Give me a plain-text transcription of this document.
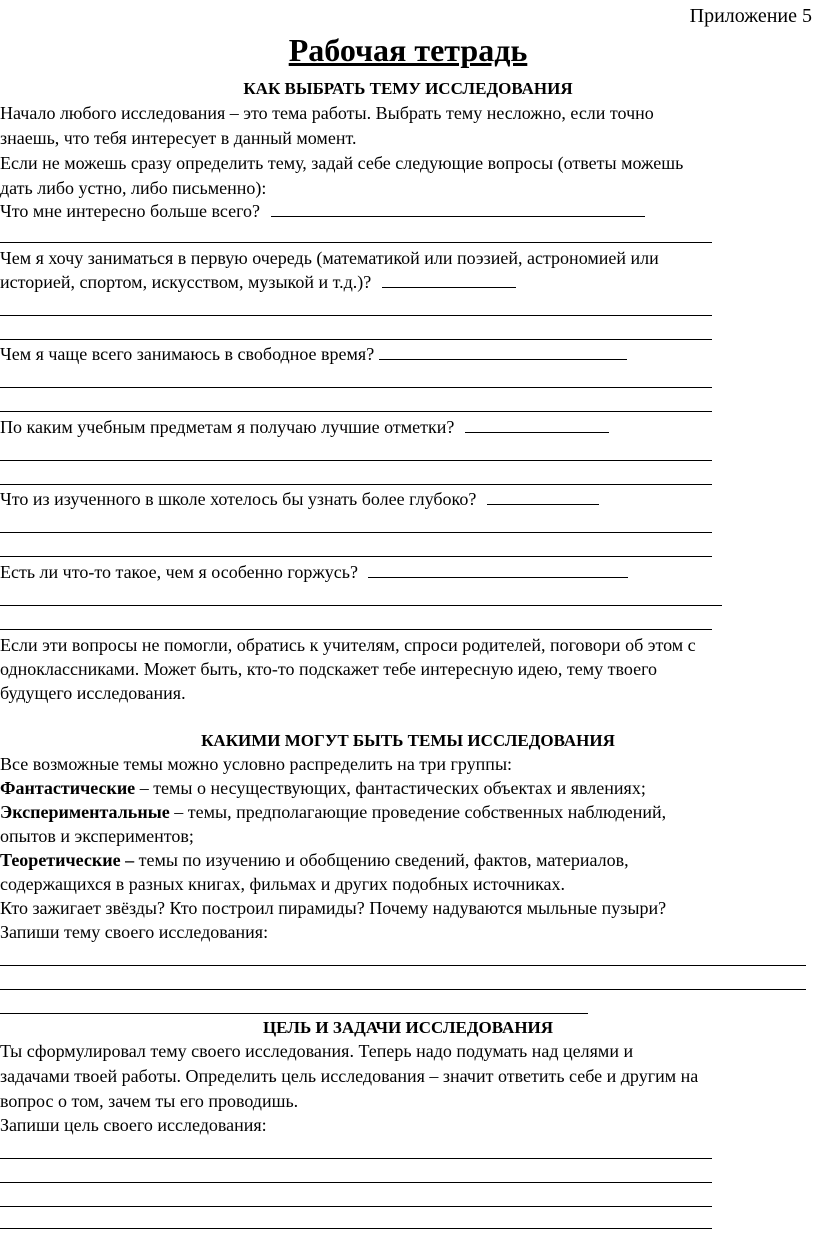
Приложение 5
Рабочая тетрадь
КАК ВЫБРАТЬ ТЕМУ ИССЛЕДОВАНИЯ
Начало любого исследования – это тема работы. Выбрать тему несложно, если точно
знаешь, что тебя интересует в данный момент.
Если не можешь сразу определить тему, задай себе следующие вопросы (ответы можешь
дать либо устно, либо письменно):
Что мне интересно больше всего?
Чем я хочу заниматься в первую очередь (математикой или поэзией, астрономией или
историей, спортом, искусством, музыкой и т.д.)?
Чем я чаще всего занимаюсь в свободное время?
По каким учебным предметам я получаю лучшие отметки?
Что из изученного в школе хотелось бы узнать более глубоко?
Есть ли что-то такое, чем я особенно горжусь?
Если эти вопросы не помогли, обратись к учителям, спроси родителей, поговори об этом с
одноклассниками. Может быть, кто-то подскажет тебе интересную идею, тему твоего
будущего исследования.
КАКИМИ МОГУТ БЫТЬ ТЕМЫ ИССЛЕДОВАНИЯ
Все возможные темы можно условно распределить на три группы:
Фантастические – темы о несуществующих, фантастических объектах и явлениях;
Экспериментальные – темы, предполагающие проведение собственных наблюдений,
опытов и экспериментов;
Теоретические – темы по изучению и обобщению сведений, фактов, материалов,
содержащихся в разных книгах, фильмах и других подобных источниках.
Кто зажигает звёзды? Кто построил пирамиды? Почему надуваются мыльные пузыри?
Запиши тему своего исследования:
ЦЕЛЬ И ЗАДАЧИ ИССЛЕДОВАНИЯ
Ты сформулировал тему своего исследования. Теперь надо подумать над целями и
задачами твоей работы. Определить цель исследования – значит ответить себе и другим на
вопрос о том, зачем ты его проводишь.
Запиши цель своего исследования:
